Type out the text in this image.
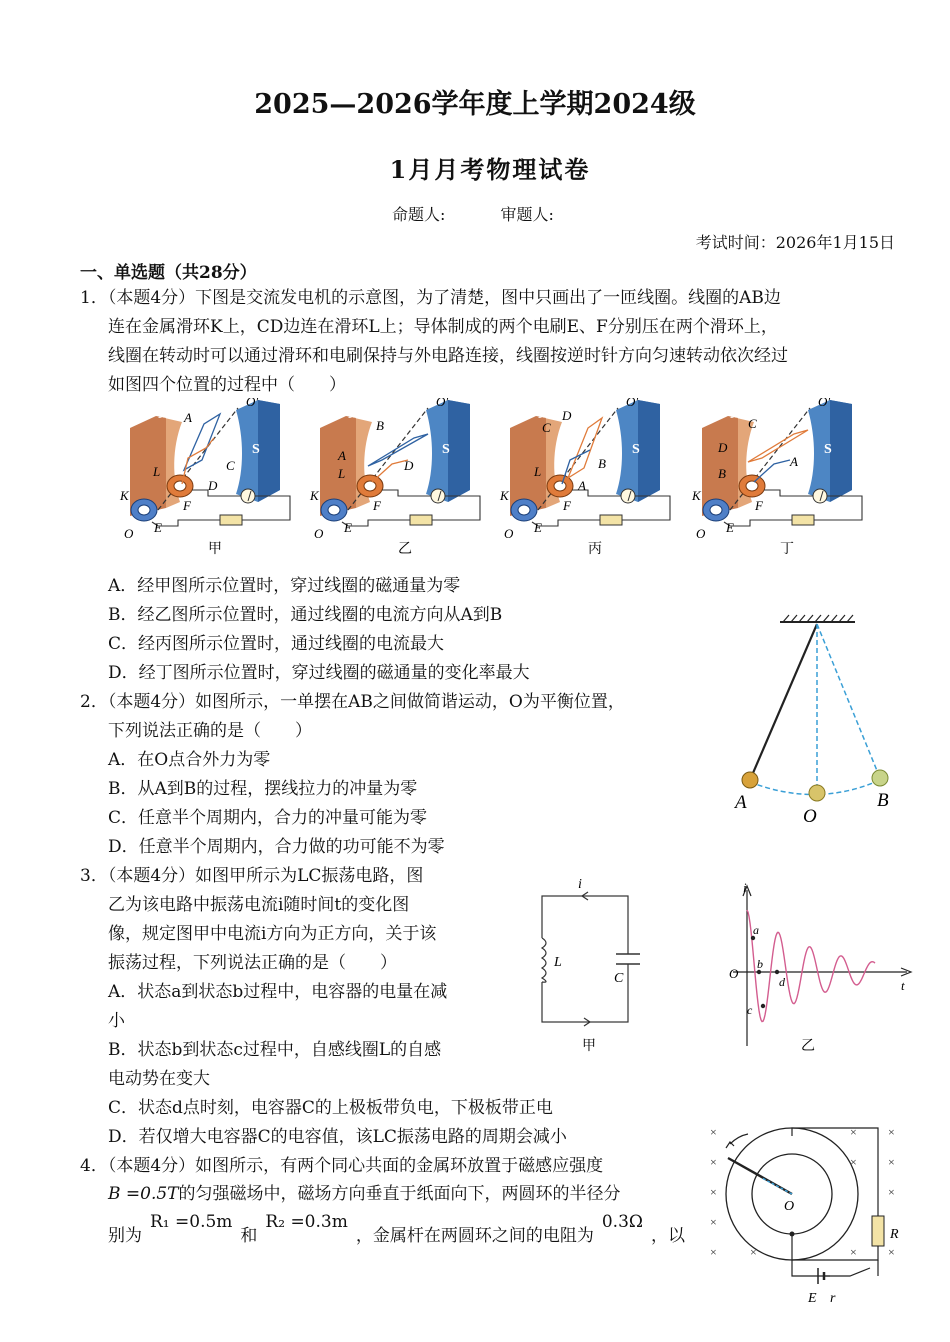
2025—2026学年度上学期2024级
1月月考物理试卷
命题人:	审题人:
考试时间：2026年1月15日
一、单选题（共28分）
1．（本题4分）下图是交流发电机的示意图，为了清楚，图中只画出了一匝线圈。线圈的AB边
连在金属滑环K上，CD边连在滑环L上；导体制成的两个电刷E、F分别压在两个滑环上，
线圈在转动时可以通过滑环和电刷保持与外电路连接，线圈按逆时针方向匀速转动依次经过
如图四个位置的过程中（　　）
N
S
A
C
D
L
K
F
E
O
O′
甲
N
S
B
D
A
L
K
F
E
O
O′
乙
N
S
D
B
C
A
L
K
F
E
O
O′
丙
N
S
C
A
D
B
K
F
E
O
O′
丁
A．经甲图所示位置时，穿过线圈的磁通量为零
B．经乙图所示位置时，通过线圈的电流方向从A到B
C．经丙图所示位置时，通过线圈的电流最大
D．经丁图所示位置时，穿过线圈的磁通量的变化率最大
A
O
B
2．（本题4分）如图所示，一单摆在AB之间做简谐运动，O为平衡位置，
下列说法正确的是（　　）
A．在O点合外力为零
B．从A到B的过程，摆线拉力的冲量为零
C．任意半个周期内，合力的冲量可能为零
D．任意半个周期内，合力做的功可能不为零
3．（本题4分）如图甲所示为LC振荡电路，图
乙为该电路中振荡电流i随时间t的变化图
像，规定图甲中电流i方向为正方向，关于该
振荡过程，下列说法正确的是（　　）
A．状态a到状态b过程中，电容器的电量在减
小
B．状态b到状态c过程中，自感线圈L的自感
电动势在变大
C．状态d点时刻，电容器C的上极板带负电，下极板带正电
D．若仅增大电容器C的电容值，该LC振荡电路的周期会减小
i
L
C
甲
i
t
O
a
b
c
d
乙
4．（本题4分）如图所示，有两个同心共面的金属环放置于磁感应强度
B =0.5T的匀强磁场中，磁场方向垂直于纸面向下，两圆环的半径分
别为R₁ =0.5m和R₂ =0.3m，金属杆在两圆环之间的电阻为0.3Ω，以
×	×	×
×	×	×
×	×
×
×	×	×	×
O
R
E r
